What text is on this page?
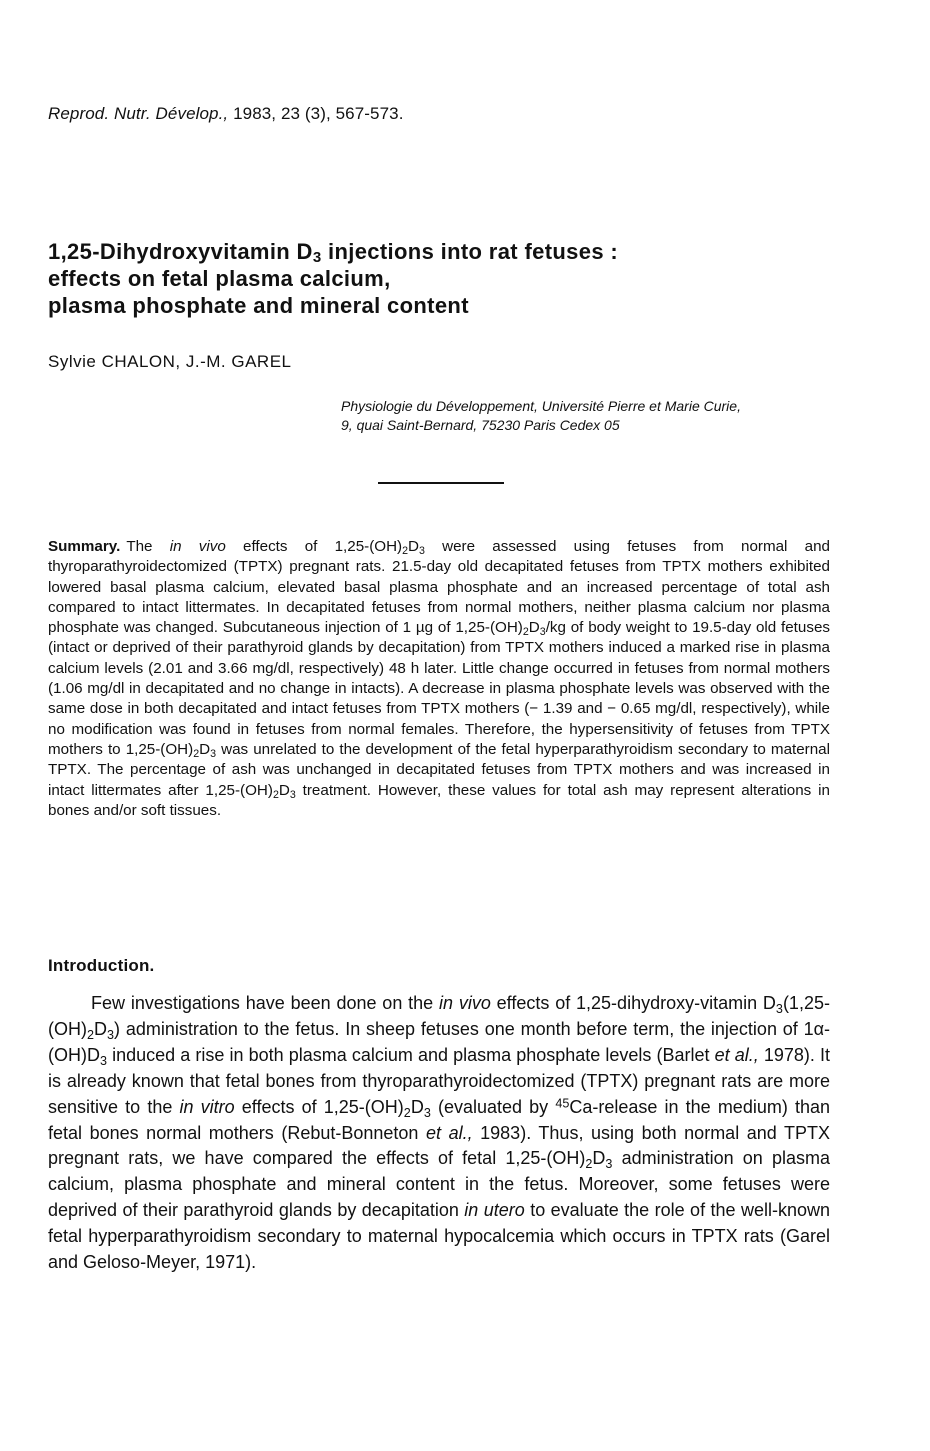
Reprod. Nutr. Dévelop., 1983, 23 (3), 567-573.
1,25-Dihydroxyvitamin $D_3$ injections into rat fetuses :
effects on fetal plasma calcium,
plasma phosphate and mineral content
Sylvie CHALON, J.-M. GAREL
Physiologie du Développement, Université Pierre et Marie Curie,
9, quai Saint-Bernard, 75230 Paris Cedex 05
Summary. The in vivo effects of $1,25-(OH)_2D_3$ were assessed using fetuses from normal and thyroparathyroidectomized (TPTX) pregnant rats. 21.5-day old decapitated fetuses from TPTX mothers exhibited lowered basal plasma calcium, elevated basal plasma phosphate and an increased percentage of total ash compared to intact littermates. In decapitated fetuses from normal mothers, neither plasma calcium nor plasma phosphate was changed. Subcutaneous injection of 1 µg of $1,25-(OH)_2D_3/kg$ of body weight to 19.5-day old fetuses (intact or deprived of their parathyroid glands by decapitation) from TPTX mothers induced a marked rise in plasma calcium levels (2.01 and 3.66 mg/dl, respectively) 48 h later. Little change occurred in fetuses from normal mothers (1.06 mg/dl in decapitated and no change in intacts). A decrease in plasma phosphate levels was observed with the same dose in both decapitated and intact fetuses from TPTX mothers (− 1.39 and − 0.65 mg/dl, respectively), while no modification was found in fetuses from normal females. Therefore, the hypersensitivity of fetuses from TPTX mothers to $1,25-(OH)_2D_3$ was unrelated to the development of the fetal hyperparathyroidism secondary to maternal TPTX. The percentage of ash was unchanged in decapitated fetuses from TPTX mothers and was increased in intact littermates after $1,25-(OH)_2D_3$ treatment. However, these values for total ash may represent alterations in bones and/or soft tissues.
Introduction.
Few investigations have been done on the in vivo effects of 1,25-dihydroxy-vitamin $D_3(1,25-(OH)_2D_3)$ administration to the fetus. In sheep fetuses one month before term, the injection of $1\alpha-(OH)D_3$ induced a rise in both plasma calcium and plasma phosphate levels (Barlet et al., 1978). It is already known that fetal bones from thyroparathyroidectomized (TPTX) pregnant rats are more sensitive to the in vitro effects of $1,25-(OH)_2D_3$ (evaluated by $^{45}$Ca-release in the medium) than fetal bones normal mothers (Rebut-Bonneton et al., 1983). Thus, using both normal and TPTX pregnant rats, we have compared the effects of fetal $1,25-(OH)_2D_3$ administration on plasma calcium, plasma phosphate and mineral content in the fetus. Moreover, some fetuses were deprived of their parathyroid glands by decapitation in utero to evaluate the role of the well-known fetal hyperparathyroidism secondary to maternal hypocalcemia which occurs in TPTX rats (Garel and Geloso-Meyer, 1971).
